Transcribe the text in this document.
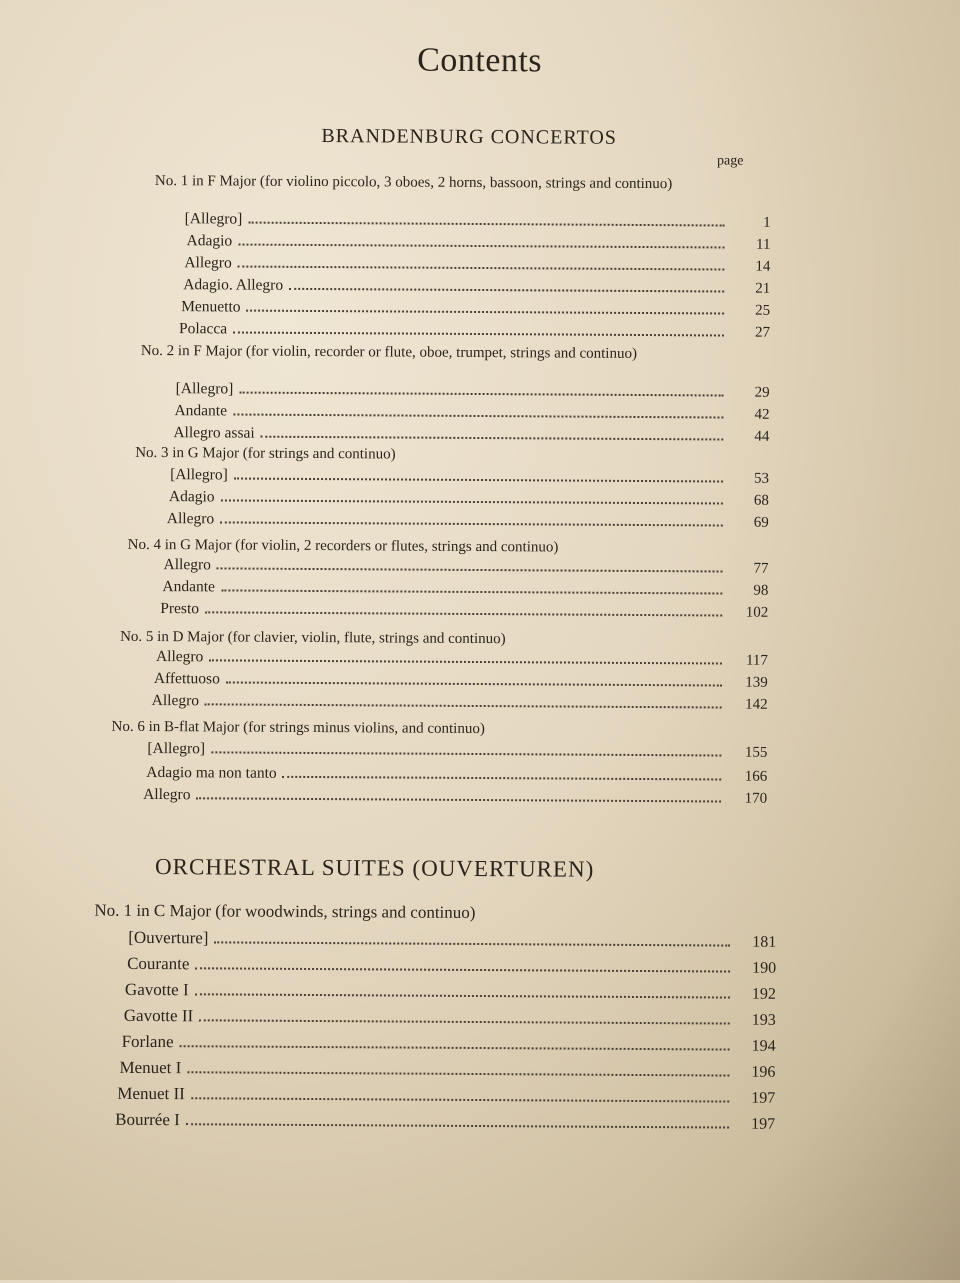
Contents
BRANDENBURG CONCERTOS
page
No. 1 in F Major (for violino piccolo, 3 oboes, 2 horns, bassoon, strings and continuo)
[Allegro]	1
Adagio	11
Allegro	14
Adagio. Allegro	21
Menuetto	25
Polacca	27
No. 2 in F Major (for violin, recorder or flute, oboe, trumpet, strings and continuo)
[Allegro]	29
Andante	42
Allegro assai	44
No. 3 in G Major (for strings and continuo)
[Allegro]	53
Adagio	68
Allegro	69
No. 4 in G Major (for violin, 2 recorders or flutes, strings and continuo)
Allegro	77
Andante	98
Presto	102
No. 5 in D Major (for clavier, violin, flute, strings and continuo)
Allegro	117
Affettuoso	139
Allegro	142
No. 6 in B-flat Major (for strings minus violins, and continuo)
[Allegro]	155
Adagio ma non tanto	166
Allegro	170
ORCHESTRAL SUITES (OUVERTUREN)
No. 1 in C Major (for woodwinds, strings and continuo)
[Ouverture]	181
Courante	190
Gavotte I	192
Gavotte II	193
Forlane	194
Menuet I	196
Menuet II	197
Bourrée I	197
